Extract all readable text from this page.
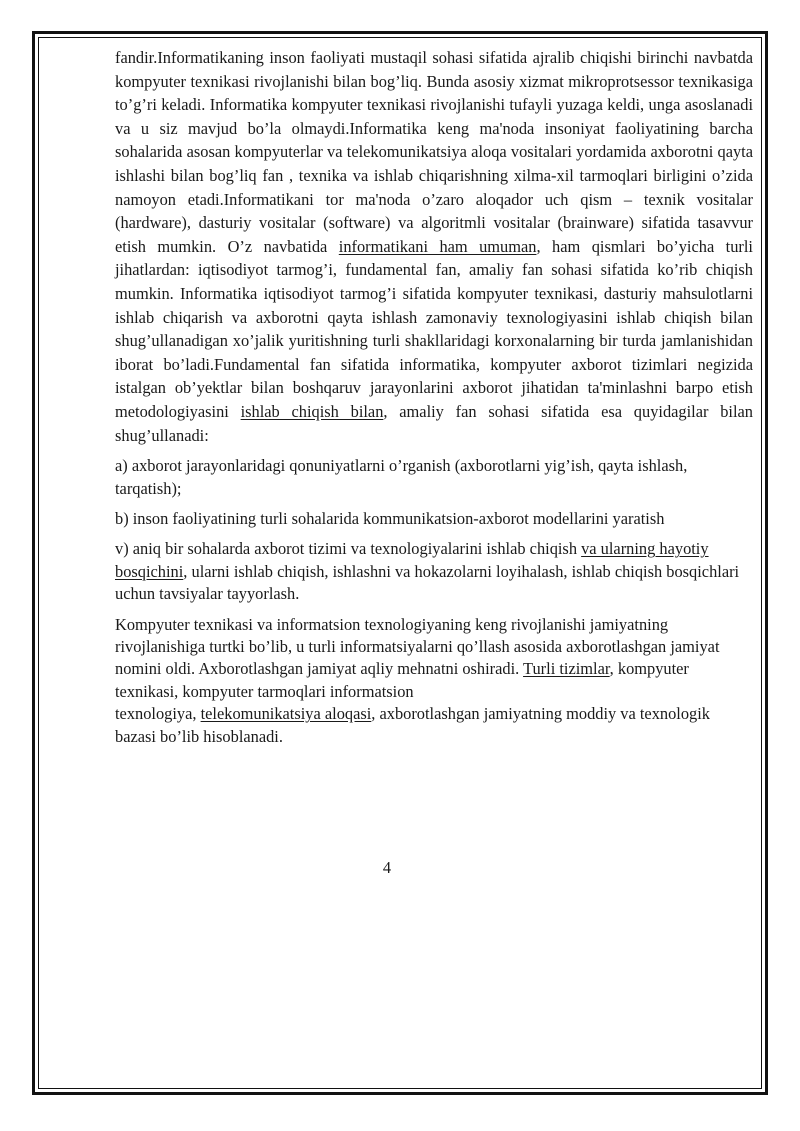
fandir.Informatikaning inson faoliyati mustaqil sohasi sifatida ajralib chiqishi birinchi navbatda kompyuter texnikasi rivojlanishi bilan bog’liq. Bunda asosiy xizmat mikroprotsessor texnikasiga to’g’ri keladi. Informatika kompyuter texnikasi rivojlanishi tufayli yuzaga keldi, unga asoslanadi va u siz mavjud bo’la olmaydi.Informatika keng ma'noda insoniyat faoliyatining barcha sohalarida asosan kompyuterlar va telekomunikatsiya aloqa vositalari yordamida axborotni qayta ishlashi bilan bog’liq fan , texnika va ishlab chiqarishning xilma-xil tarmoqlari birligini o’zida namoyon etadi.Informatikani tor ma'noda o’zaro aloqador uch qism – texnik vositalar (hardware), dasturiy vositalar (software) va algoritmli vositalar (brainware) sifatida tasavvur etish mumkin. O’z navbatida informatikani ham umuman, ham qismlari bo’yicha turli jihatlardan: iqtisodiyot tarmog’i, fundamental fan, amaliy fan sohasi sifatida ko’rib chiqish mumkin. Informatika iqtisodiyot tarmog’i sifatida kompyuter texnikasi, dasturiy mahsulotlarni ishlab chiqarish va axborotni qayta ishlash zamonaviy texnologiyasini ishlab chiqish bilan shug’ullanadigan xo’jalik yuritishning turli shakllaridagi korxonalarning bir turda jamlanishidan iborat bo’ladi.Fundamental fan sifatida informatika, kompyuter axborot tizimlari negizida istalgan ob’yektlar bilan boshqaruv jarayonlarini axborot jihatidan ta'minlashni barpo etish metodologiyasini ishlab chiqish bilan, amaliy fan sohasi sifatida esa quyidagilar bilan shug’ullanadi:

a) axborot jarayonlaridagi qonuniyatlarni o’rganish (axborotlarni yig’ish, qayta ishlash, tarqatish);

b) inson faoliyatining turli sohalarida kommunikatsion-axborot modellarini yaratish

v) aniq bir sohalarda axborot tizimi va texnologiyalarini ishlab chiqish va ularning hayotiy bosqichini, ularni ishlab chiqish, ishlashni va hokazolarni loyihalash, ishlab chiqish bosqichlari uchun tavsiyalar tayyorlash.

Kompyuter texnikasi va informatsion texnologiyaning keng rivojlanishi jamiyatning rivojlanishiga turtki bo’lib, u turli informatsiyalarni qo’llash asosida axborotlashgan jamiyat nomini oldi. Axborotlashgan jamiyat aqliy mehnatni oshiradi. Turli tizimlar, kompyuter texnikasi, kompyuter tarmoqlari informatsion
texnologiya, telekomunikatsiya aloqasi, axborotlashgan jamiyatning moddiy va texnologik bazasi bo’lib hisoblanadi.

4
